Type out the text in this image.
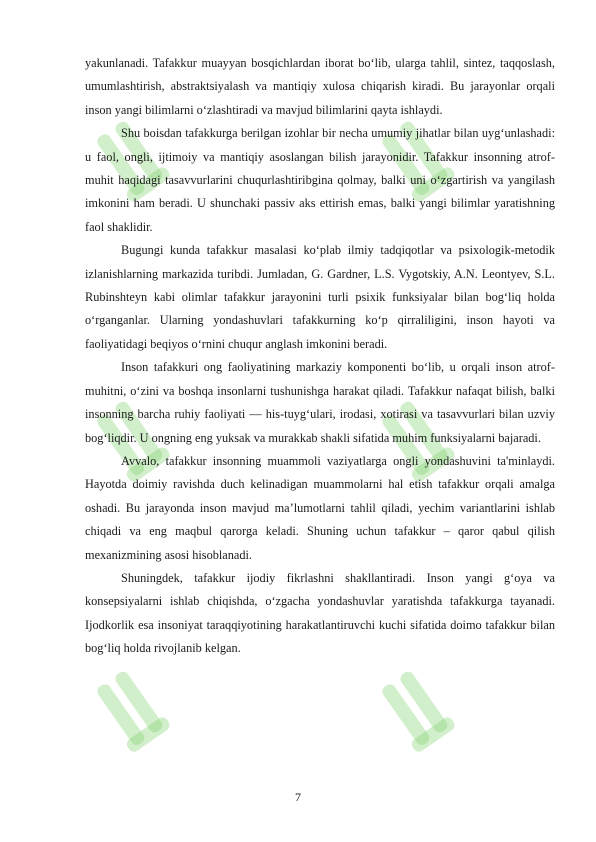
yakunlanadi. Tafakkur muayyan bosqichlardan iborat bo‘lib, ularga tahlil, sintez, taqqoslash, umumlashtirish, abstraktsiyalash va mantiqiy xulosa chiqarish kiradi. Bu jarayonlar orqali inson yangi bilimlarni o‘zlashtiradi va mavjud bilimlarini qayta ishlaydi.

Shu boisdan tafakkurga berilgan izohlar bir necha umumiy jihatlar bilan uyg‘unlashadi: u faol, ongli, ijtimoiy va mantiqiy asoslangan bilish jarayonidir. Tafakkur insonning atrof-muhit haqidagi tasavvurlarini chuqurlashtiribgina qolmay, balki uni o‘zgartirish va yangilash imkonini ham beradi. U shunchaki passiv aks ettirish emas, balki yangi bilimlar yaratishning faol shaklidir.

Bugungi kunda tafakkur masalasi ko‘plab ilmiy tadqiqotlar va psixologik-metodik izlanishlarning markazida turibdi. Jumladan, G. Gardner, L.S. Vygotskiy, A.N. Leontyev, S.L. Rubinshteyn kabi olimlar tafakkur jarayonini turli psixik funksiyalar bilan bog‘liq holda o‘rganganlar. Ularning yondashuvlari tafakkurning ko‘p qirraliligini, inson hayoti va faoliyatidagi beqiyos o‘rnini chuqur anglash imkonini beradi.

Inson tafakkuri ong faoliyatining markaziy komponenti bo‘lib, u orqali inson atrof-muhitni, o‘zini va boshqa insonlarni tushunishga harakat qiladi. Tafakkur nafaqat bilish, balki insonning barcha ruhiy faoliyati — his-tuyg‘ulari, irodasi, xotirasi va tasavvurlari bilan uzviy bog‘liqdir. U ongning eng yuksak va murakkab shakli sifatida muhim funksiyalarni bajaradi.

Avvalo, tafakkur insonning muammoli vaziyatlarga ongli yondashuvini ta'minlaydi. Hayotda doimiy ravishda duch kelinadigan muammolarni hal etish tafakkur orqali amalga oshadi. Bu jarayonda inson mavjud ma’lumotlarni tahlil qiladi, yechim variantlarini ishlab chiqadi va eng maqbul qarorga keladi. Shuning uchun tafakkur – qaror qabul qilish mexanizmining asosi hisoblanadi.

Shuningdek, tafakkur ijodiy fikrlashni shakllantiradi. Inson yangi g‘oya va konsepsiyalarni ishlab chiqishda, o‘zgacha yondashuvlar yaratishda tafakkurga tayanadi. Ijodkorlik esa insoniyat taraqqiyotining harakatlantiruvchi kuchi sifatida doimo tafakkur bilan bog‘liq holda rivojlanib kelgan.

7
